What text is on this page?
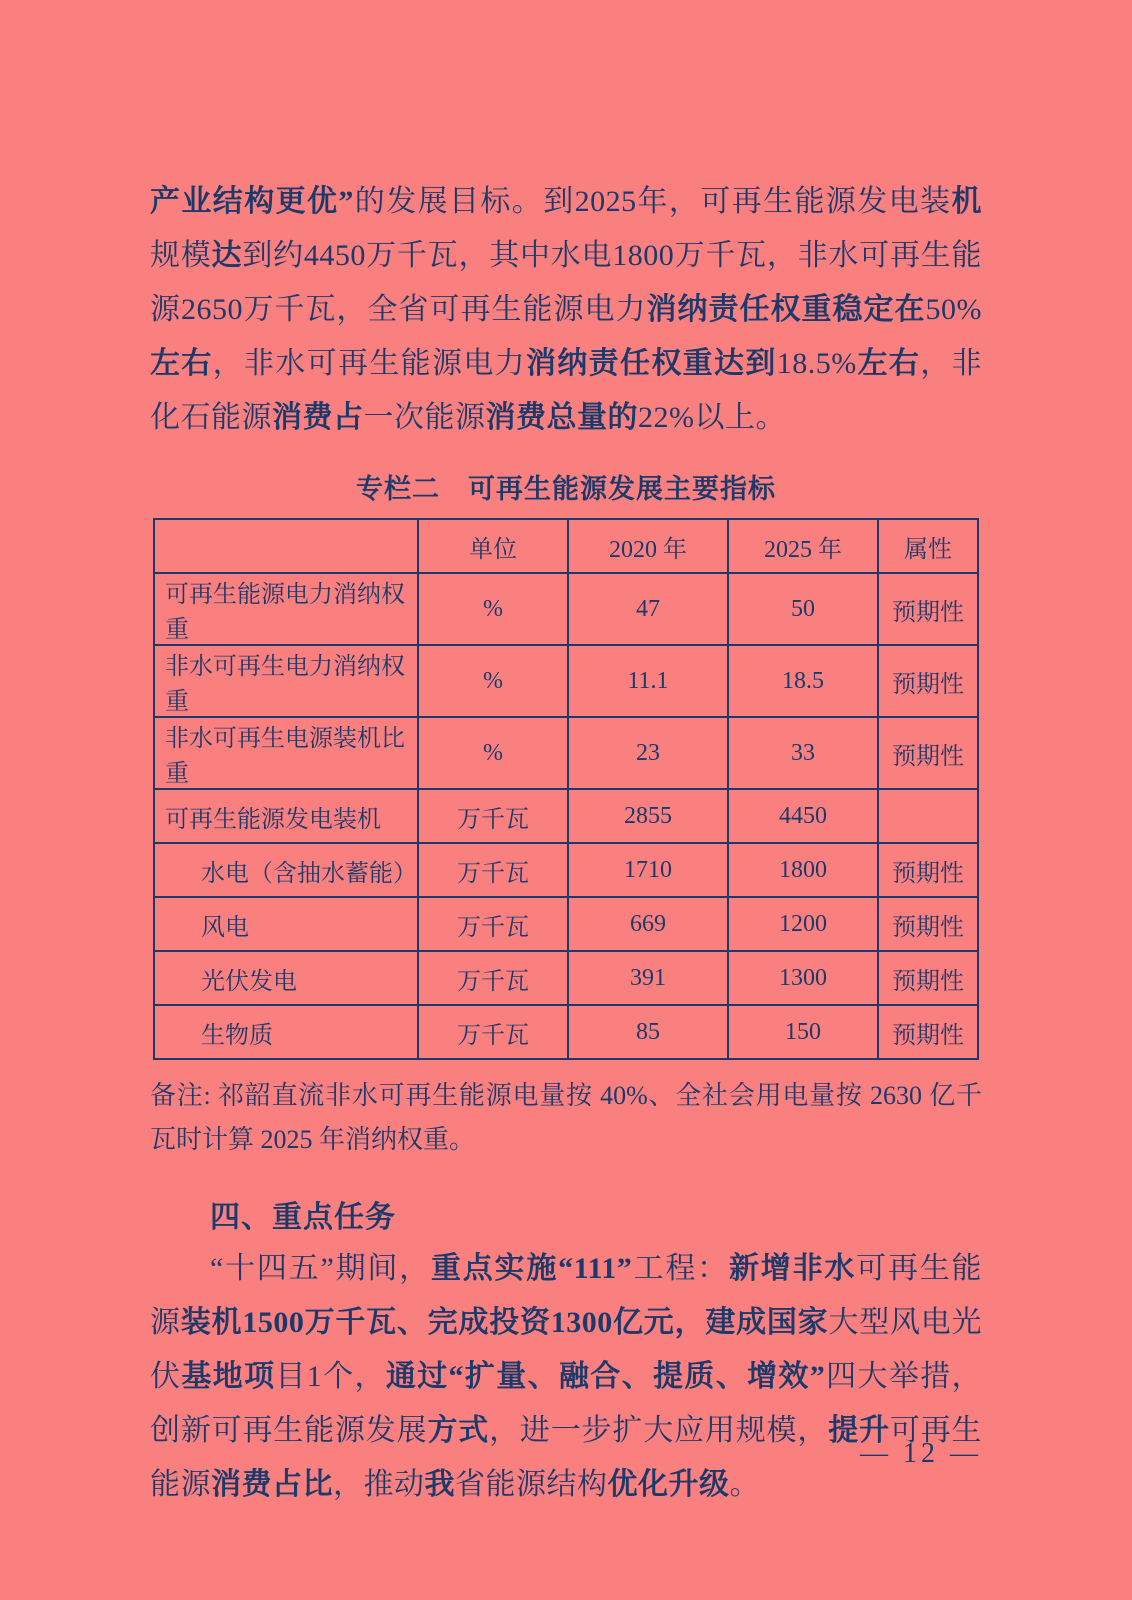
产业结构更优”的发展目标。到2025年，可再生能源发电装机规模达到约4450万千瓦，其中水电1800万千瓦，非水可再生能源2650万千瓦，全省可再生能源电力消纳责任权重稳定在50%左右，非水可再生能源电力消纳责任权重达到18.5%左右，非化石能源消费占一次能源消费总量的22%以上。

专栏二　可再生能源发展主要指标
	单位	2020 年	2025 年	属性
可再生能源电力消纳权重	%	47	50	预期性
非水可再生电力消纳权重	%	11.1	18.5	预期性
非水可再生电源装机比重	%	23	33	预期性
可再生能源发电装机	万千瓦	2855	4450	
水电（含抽水蓄能）	万千瓦	1710	1800	预期性
风电	万千瓦	669	1200	预期性
光伏发电	万千瓦	391	1300	预期性
生物质	万千瓦	85	150	预期性

备注: 祁韶直流非水可再生能源电量按 40%、全社会用电量按 2630 亿千瓦时计算 2025 年消纳权重。

四、重点任务

“十四五”期间，重点实施“111”工程：新增非水可再生能源装机1500万千瓦、完成投资1300亿元，建成国家大型风电光伏基地项目1个，通过“扩量、融合、提质、增效”四大举措，创新可再生能源发展方式，进一步扩大应用规模，提升可再生能源消费占比，推动我省能源结构优化升级。

— 12 —
